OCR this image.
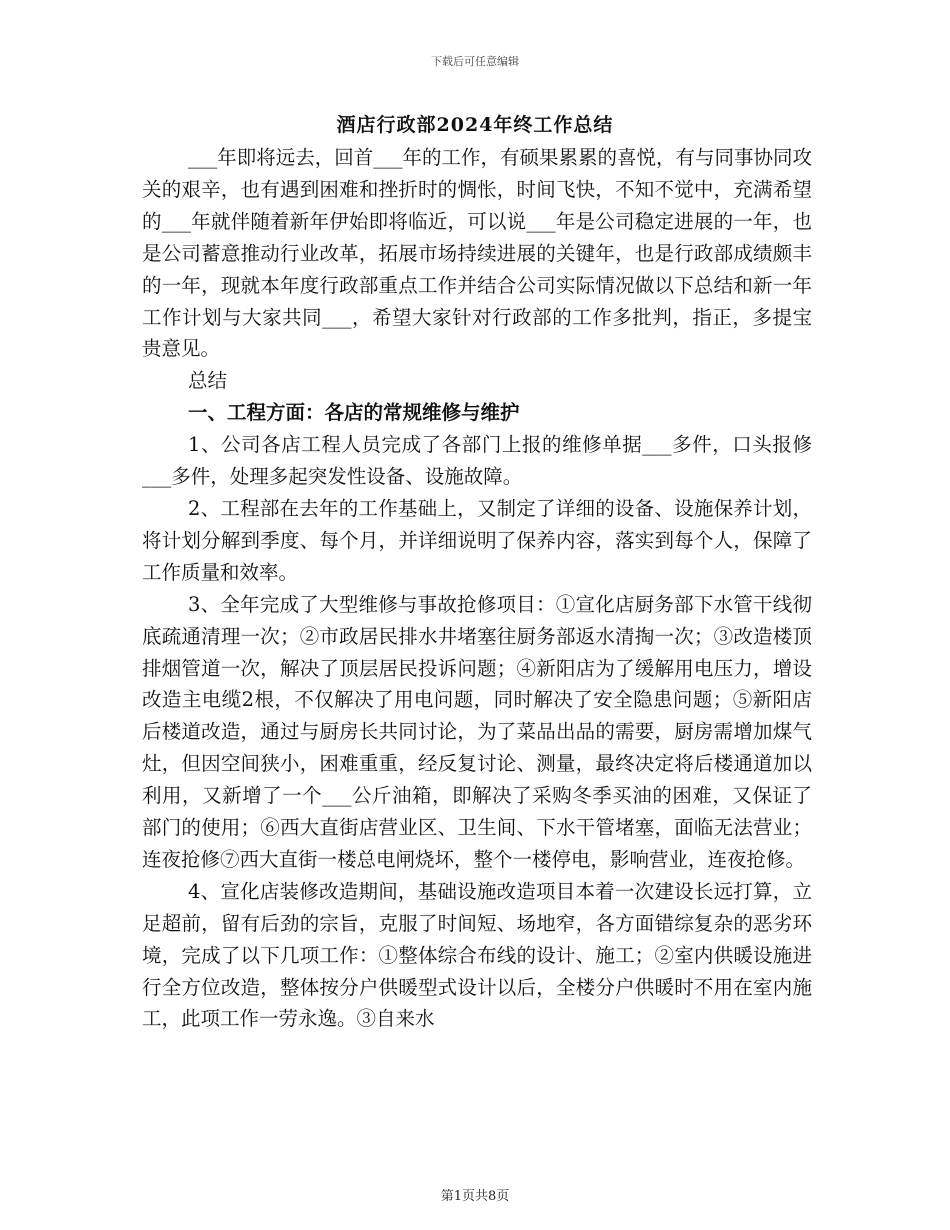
下载后可任意编辑
酒店行政部2024年终工作总结

___年即将远去，回首___年的工作，有硕果累累的喜悦，有与同事协同攻关的艰辛，也有遇到困难和挫折时的惆怅，时间飞快，不知不觉中，充满希望的___年就伴随着新年伊始即将临近，可以说___年是公司稳定进展的一年，也是公司蓄意推动行业改革，拓展市场持续进展的关键年，也是行政部成绩颇丰的一年，现就本年度行政部重点工作并结合公司实际情况做以下总结和新一年工作计划与大家共同___，希望大家针对行政部的工作多批判，指正，多提宝贵意见。

总结

一、工程方面：各店的常规维修与维护

1、公司各店工程人员完成了各部门上报的维修单据___多件，口头报修___多件，处理多起突发性设备、设施故障。

2、工程部在去年的工作基础上，又制定了详细的设备、设施保养计划，将计划分解到季度、每个月，并详细说明了保养内容，落实到每个人，保障了工作质量和效率。

3、全年完成了大型维修与事故抢修项目：①宣化店厨务部下水管干线彻底疏通清理一次；②市政居民排水井堵塞往厨务部返水清掏一次；③改造楼顶排烟管道一次，解决了顶层居民投诉问题；④新阳店为了缓解用电压力，增设改造主电缆2根，不仅解决了用电问题，同时解决了安全隐患问题；⑤新阳店后楼道改造，通过与厨房长共同讨论，为了菜品出品的需要，厨房需增加煤气灶，但因空间狭小，困难重重，经反复讨论、测量，最终决定将后楼通道加以利用，又新增了一个___公斤油箱，即解决了采购冬季买油的困难，又保证了部门的使用；⑥西大直街店营业区、卫生间、下水干管堵塞，面临无法营业；连夜抢修⑦西大直街一楼总电闸烧坏，整个一楼停电，影响营业，连夜抢修。

4、宣化店装修改造期间，基础设施改造项目本着一次建设长远打算，立足超前，留有后劲的宗旨，克服了时间短、场地窄，各方面错综复杂的恶劣环境，完成了以下几项工作：①整体综合布线的设计、施工；②室内供暖设施进行全方位改造，整体按分户供暖型式设计以后，全楼分户供暖时不用在室内施工，此项工作一劳永逸。③自来水

第1页共8页
